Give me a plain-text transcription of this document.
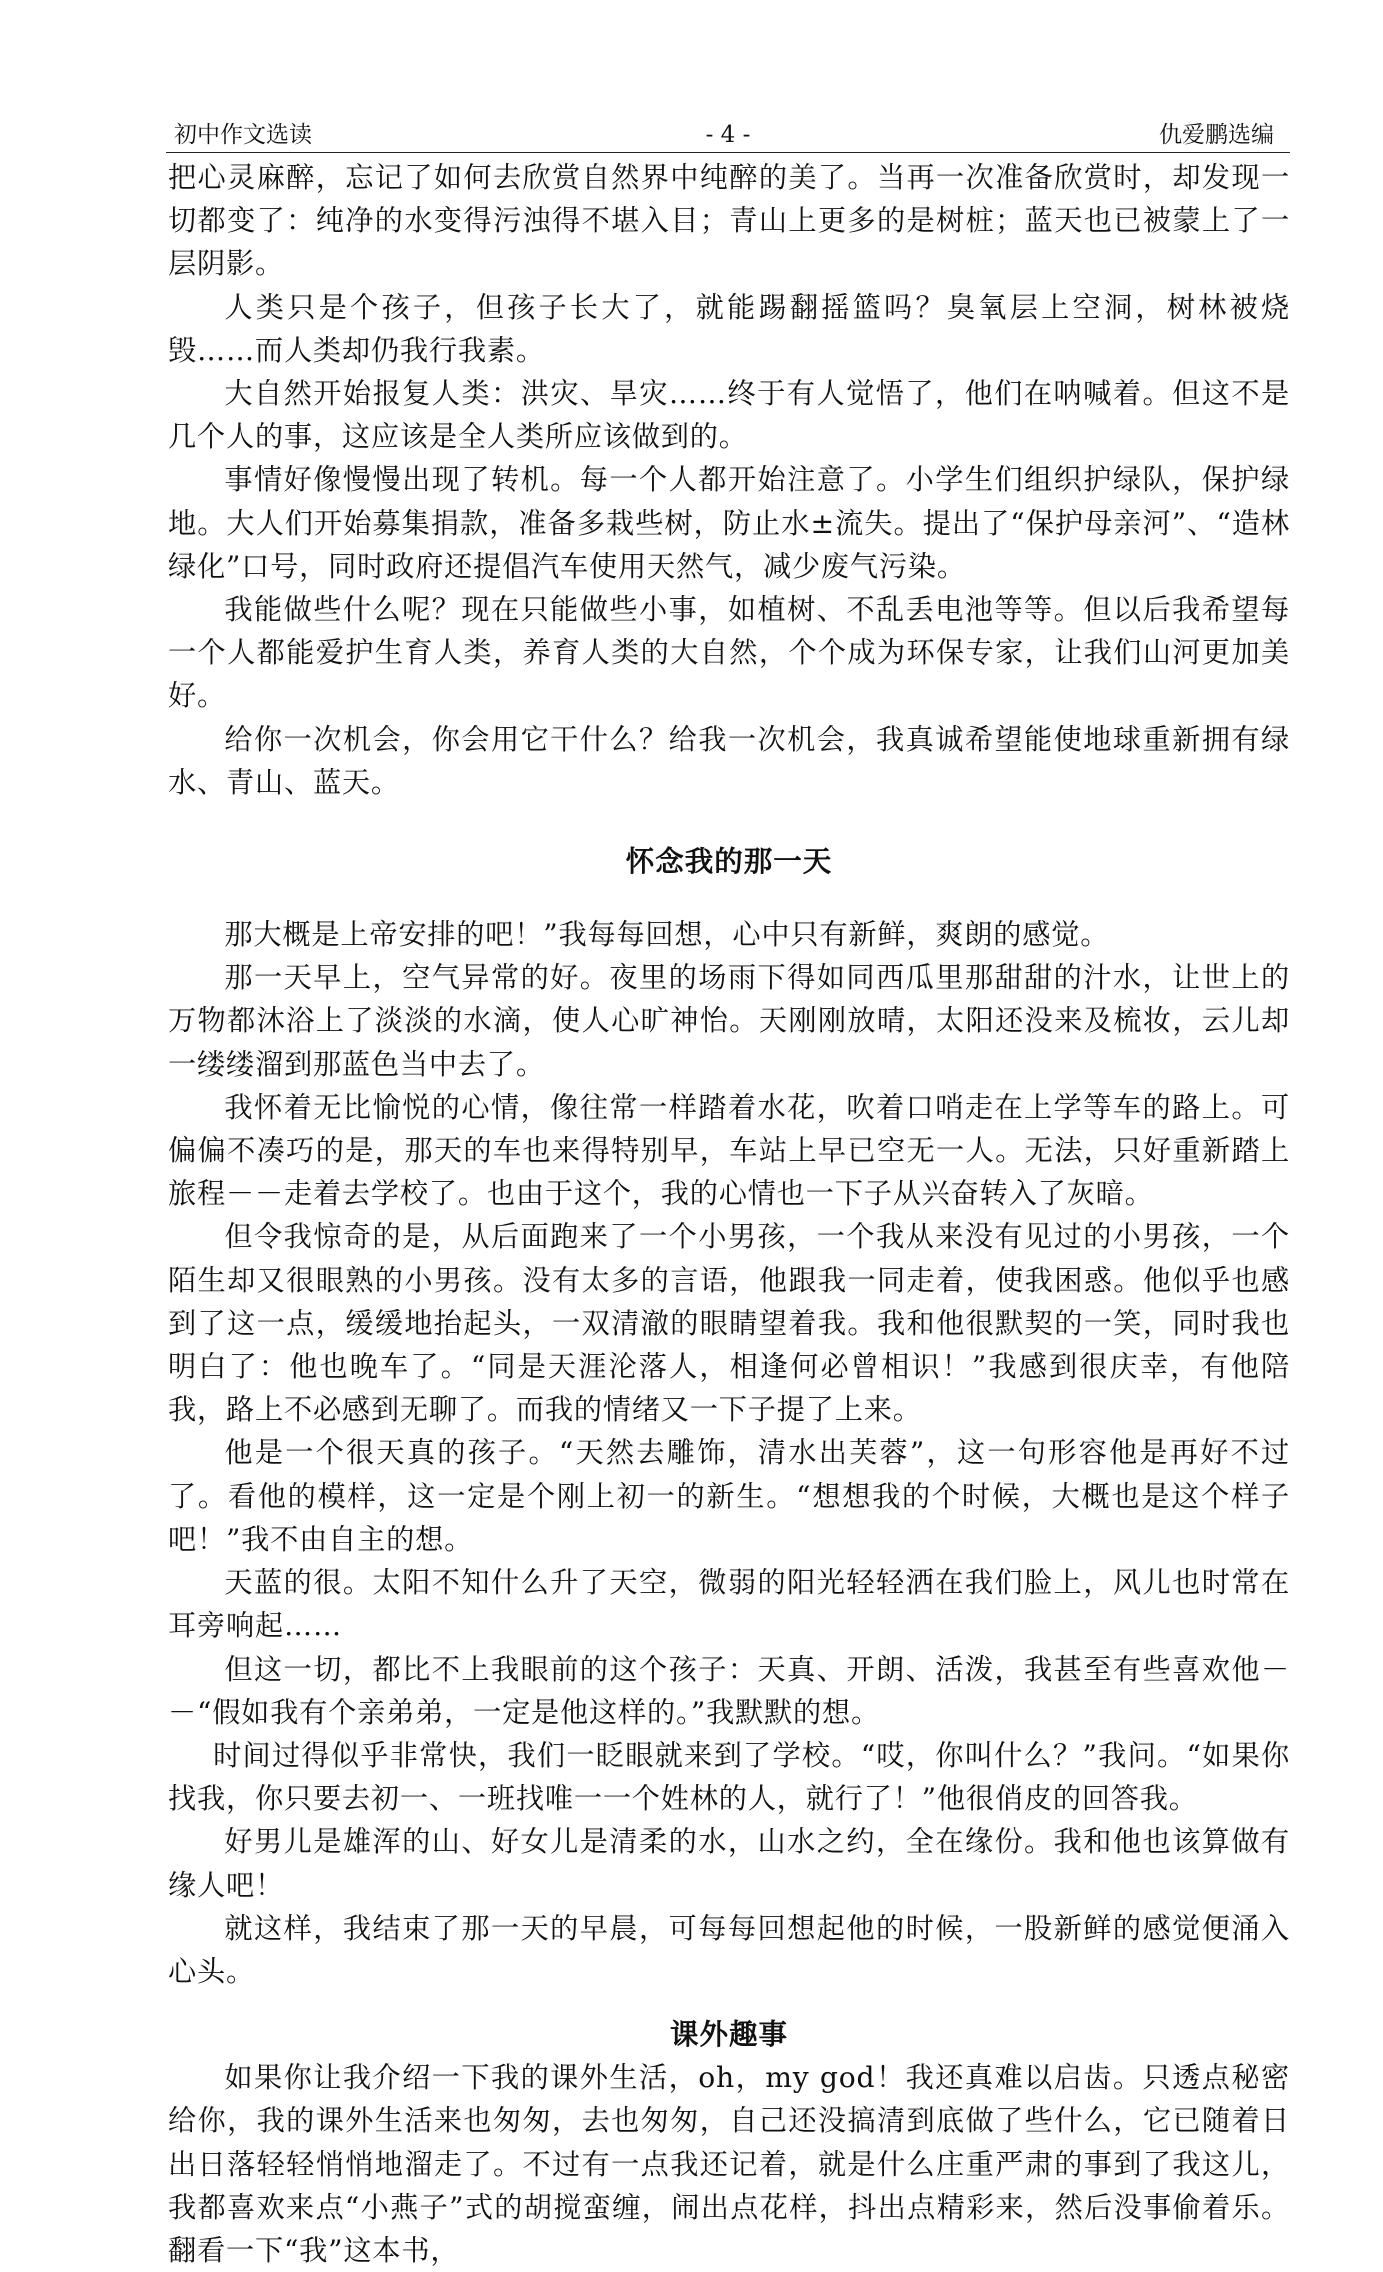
初中作文选读	- 4 -	仇爱鹏选编

把心灵麻醉，忘记了如何去欣赏自然界中纯醉的美了。当再一次准备欣赏时，却发现一切都变了：纯净的水变得污浊得不堪入目；青山上更多的是树桩；蓝天也已被蒙上了一层阴影。

人类只是个孩子，但孩子长大了，就能踢翻摇篮吗？臭氧层上空洞，树林被烧毁……而人类却仍我行我素。

大自然开始报复人类：洪灾、旱灾……终于有人觉悟了，他们在呐喊着。但这不是几个人的事，这应该是全人类所应该做到的。

事情好像慢慢出现了转机。每一个人都开始注意了。小学生们组织护绿队，保护绿地。大人们开始募集捐款，准备多栽些树，防止水±流失。提出了“保护母亲河”、“造林绿化”口号，同时政府还提倡汽车使用天然气，减少废气污染。

我能做些什么呢？现在只能做些小事，如植树、不乱丢电池等等。但以后我希望每一个人都能爱护生育人类，养育人类的大自然，个个成为环保专家，让我们山河更加美好。

给你一次机会，你会用它干什么？给我一次机会，我真诚希望能使地球重新拥有绿水、青山、蓝天。

怀念我的那一天

那大概是上帝安排的吧！”我每每回想，心中只有新鲜，爽朗的感觉。

那一天早上，空气异常的好。夜里的场雨下得如同西瓜里那甜甜的汁水，让世上的万物都沐浴上了淡淡的水滴，使人心旷神怡。天刚刚放晴，太阳还没来及梳妆，云儿却一缕缕溜到那蓝色当中去了。

我怀着无比愉悦的心情，像往常一样踏着水花，吹着口哨走在上学等车的路上。可偏偏不凑巧的是，那天的车也来得特别早，车站上早已空无一人。无法，只好重新踏上旅程－－走着去学校了。也由于这个，我的心情也一下子从兴奋转入了灰暗。

但令我惊奇的是，从后面跑来了一个小男孩，一个我从来没有见过的小男孩，一个陌生却又很眼熟的小男孩。没有太多的言语，他跟我一同走着，使我困惑。他似乎也感到了这一点，缓缓地抬起头，一双清澈的眼睛望着我。我和他很默契的一笑，同时我也明白了：他也晚车了。“同是天涯沦落人，相逢何必曾相识！”我感到很庆幸，有他陪我，路上不必感到无聊了。而我的情绪又一下子提了上来。

他是一个很天真的孩子。“天然去雕饰，清水出芙蓉”，这一句形容他是再好不过了。看他的模样，这一定是个刚上初一的新生。“想想我的个时候，大概也是这个样子吧！”我不由自主的想。

天蓝的很。太阳不知什么升了天空，微弱的阳光轻轻洒在我们脸上，风儿也时常在耳旁响起……

但这一切，都比不上我眼前的这个孩子：天真、开朗、活泼，我甚至有些喜欢他－－“假如我有个亲弟弟，一定是他这样的。”我默默的想。

时间过得似乎非常快，我们一眨眼就来到了学校。“哎，你叫什么？”我问。“如果你找我，你只要去初一、一班找唯一一个姓林的人，就行了！”他很俏皮的回答我。

好男儿是雄浑的山、好女儿是清柔的水，山水之约，全在缘份。我和他也该算做有缘人吧！

就这样，我结束了那一天的早晨，可每每回想起他的时候，一股新鲜的感觉便涌入心头。

课外趣事

如果你让我介绍一下我的课外生活，oh，my god！我还真难以启齿。只透点秘密给你，我的课外生活来也匆匆，去也匆匆，自己还没搞清到底做了些什么，它已随着日出日落轻轻悄悄地溜走了。不过有一点我还记着，就是什么庄重严肃的事到了我这儿，我都喜欢来点“小燕子”式的胡搅蛮缠，闹出点花样，抖出点精彩来，然后没事偷着乐。翻看一下“我”这本书，
